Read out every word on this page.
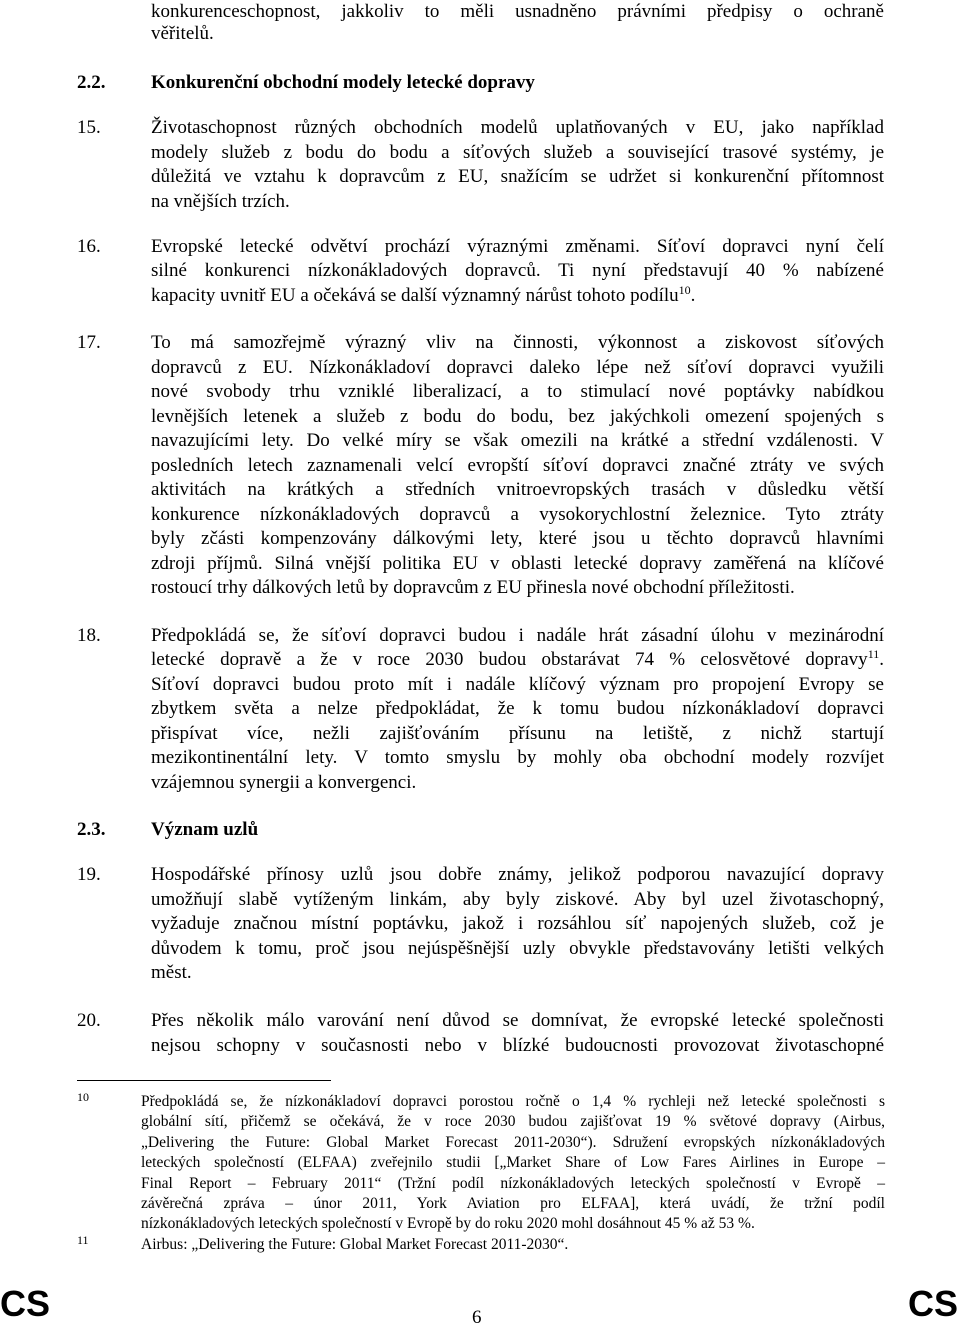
konkurenceschopnost, jakkoliv to měli usnadněno právními předpisy o ochraně
věřitelů.
2.2. Konkurenční obchodní modely letecké dopravy
15.	Životaschopnost různých obchodních modelů uplatňovaných v EU, jako například
modely služeb z bodu do bodu a síťových služeb a související trasové systémy, je
důležitá ve vztahu k dopravcům z EU, snažícím se udržet si konkurenční přítomnost
na vnějších trzích.
16.	Evropské letecké odvětví prochází výraznými změnami. Síťoví dopravci nyní čelí
silné konkurenci nízkonákladových dopravců. Ti nyní představují 40 % nabízené
kapacity uvnitř EU a očekává se další významný nárůst tohoto podílu$^{10}$.
17.	To má samozřejmě výrazný vliv na činnosti, výkonnost a ziskovost síťových
dopravců z EU. Nízkonákladoví dopravci daleko lépe než síťoví dopravci využili
nové svobody trhu vzniklé liberalizací, a to stimulací nové poptávky nabídkou
levnějších letenek a služeb z bodu do bodu, bez jakýchkoli omezení spojených s
navazujícími lety. Do velké míry se však omezili na krátké a střední vzdálenosti. V
posledních letech zaznamenali velcí evropští síťoví dopravci značné ztráty ve svých
aktivitách na krátkých a středních vnitroevropských trasách v důsledku větší
konkurence nízkonákladových dopravců a vysokorychlostní železnice. Tyto ztráty
byly zčásti kompenzovány dálkovými lety, které jsou u těchto dopravců hlavními
zdroji příjmů. Silná vnější politika EU v oblasti letecké dopravy zaměřená na klíčové
rostoucí trhy dálkových letů by dopravcům z EU přinesla nové obchodní příležitosti.
18.	Předpokládá se, že síťoví dopravci budou i nadále hrát zásadní úlohu v mezinárodní
letecké dopravě a že v roce 2030 budou obstarávat 74 % celosvětové dopravy$^{11}$.
Síťoví dopravci budou proto mít i nadále klíčový význam pro propojení Evropy se
zbytkem světa a nelze předpokládat, že k tomu budou nízkonákladoví dopravci
přispívat více, nežli zajišťováním přísunu na letiště, z nichž startují
mezikontinentální lety. V tomto smyslu by mohly oba obchodní modely rozvíjet
vzájemnou synergii a konvergenci.
2.3. Význam uzlů
19.	Hospodářské přínosy uzlů jsou dobře známy, jelikož podporou navazující dopravy
umožňují slabě vytíženým linkám, aby byly ziskové. Aby byl uzel životaschopný,
vyžaduje značnou místní poptávku, jakož i rozsáhlou síť napojených služeb, což je
důvodem k tomu, proč jsou nejúspěšnější uzly obvykle představovány letišti velkých
měst.
20.	Přes několik málo varování není důvod se domnívat, že evropské letecké společnosti
nejsou schopny v současnosti nebo v blízké budoucnosti provozovat životaschopné
10	Předpokládá se, že nízkonákladoví dopravci porostou ročně o 1,4 % rychleji než letecké společnosti s
globální sítí, přičemž se očekává, že v roce 2030 budou zajišťovat 19 % světové dopravy (Airbus,
„Delivering the Future: Global Market Forecast 2011-2030“). Sdružení evropských nízkonákladových
leteckých společností (ELFAA) zveřejnilo studii [„Market Share of Low Fares Airlines in Europe –
Final Report – February 2011“ (Tržní podíl nízkonákladových leteckých společností v Evropě –
závěrečná zpráva – únor 2011, York Aviation pro ELFAA], která uvádí, že tržní podíl
nízkonákladových leteckých společností v Evropě by do roku 2020 mohl dosáhnout 45 % až 53 %.
11	Airbus: „Delivering the Future: Global Market Forecast 2011-2030“.
CS	6	CS
